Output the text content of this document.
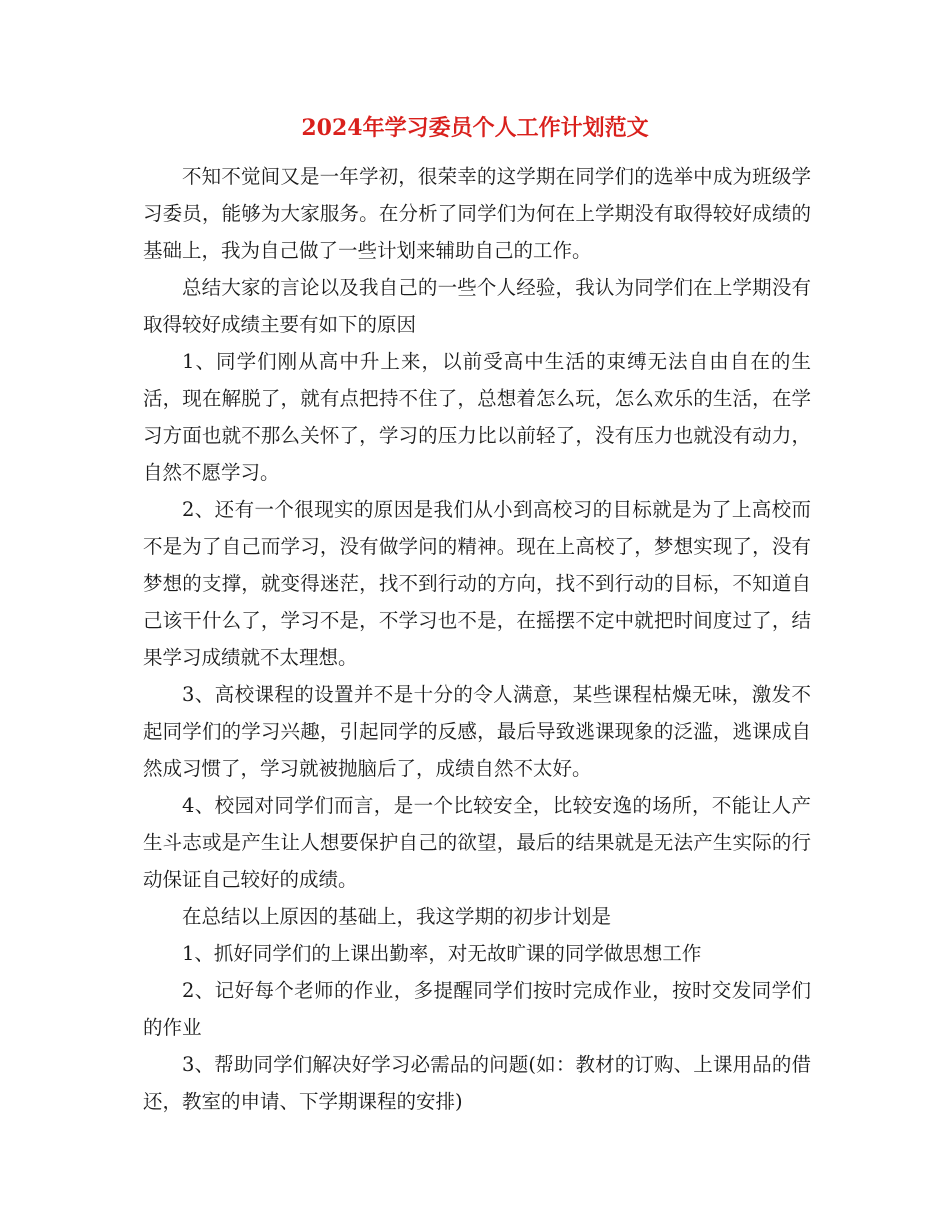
2024年学习委员个人工作计划范文

不知不觉间又是一年学初，很荣幸的这学期在同学们的选举中成为班级学习委员，能够为大家服务。在分析了同学们为何在上学期没有取得较好成绩的基础上，我为自己做了一些计划来辅助自己的工作。

总结大家的言论以及我自己的一些个人经验，我认为同学们在上学期没有取得较好成绩主要有如下的原因

1、同学们刚从高中升上来，以前受高中生活的束缚无法自由自在的生活，现在解脱了，就有点把持不住了，总想着怎么玩，怎么欢乐的生活，在学习方面也就不那么关怀了，学习的压力比以前轻了，没有压力也就没有动力，自然不愿学习。

2、还有一个很现实的原因是我们从小到高校习的目标就是为了上高校而不是为了自己而学习，没有做学问的精神。现在上高校了，梦想实现了，没有梦想的支撑，就变得迷茫，找不到行动的方向，找不到行动的目标，不知道自己该干什么了，学习不是，不学习也不是，在摇摆不定中就把时间度过了，结果学习成绩就不太理想。

3、高校课程的设置并不是十分的令人满意，某些课程枯燥无味，激发不起同学们的学习兴趣，引起同学的反感，最后导致逃课现象的泛滥，逃课成自然成习惯了，学习就被抛脑后了，成绩自然不太好。

4、校园对同学们而言，是一个比较安全，比较安逸的场所，不能让人产生斗志或是产生让人想要保护自己的欲望，最后的结果就是无法产生实际的行动保证自己较好的成绩。

在总结以上原因的基础上，我这学期的初步计划是

1、抓好同学们的上课出勤率，对无故旷课的同学做思想工作

2、记好每个老师的作业，多提醒同学们按时完成作业，按时交发同学们的作业

3、帮助同学们解决好学习必需品的问题(如：教材的订购、上课用品的借还，教室的申请、下学期课程的安排)
